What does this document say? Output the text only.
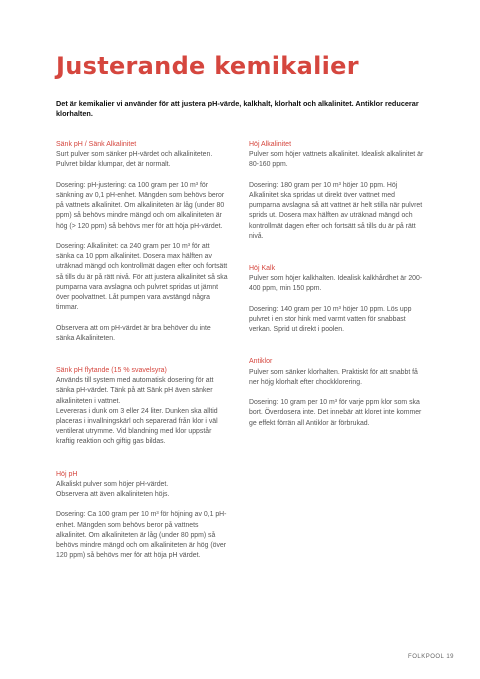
Justerande kemikalier

Det är kemikalier vi använder för att justera pH-värde, kalkhalt, klorhalt och alkalinitet. Antiklor reducerar klorhalten.

Sänk pH / Sänk Alkalinitet

Surt pulver som sänker pH-värdet och alkaliniteten. Pulvret bildar klumpar, det är normalt.

Dosering: pH-justering: ca 100 gram per 10 m³ för sänkning av 0,1 pH-enhet. Mängden som behövs beror på vattnets alkalinitet. Om alkaliniteten är låg (under 80 ppm) så behövs mindre mängd och om alkaliniteten är hög (> 120 ppm) så behövs mer för att höja pH-värdet.

Dosering: Alkalinitet: ca 240 gram per 10 m³ för att sänka ca 10 ppm alkalinitet. Dosera max hälften av uträknad mängd och kontrollmät dagen efter och fortsätt så tills du är på rätt nivå. För att justera alkalinitet så ska pumparna vara avslagna och pulvret spridas ut jämnt över poolvattnet. Låt pumpen vara avstängd några timmar.

Observera att om pH-värdet är bra behöver du inte sänka Alkaliniteten.

Sänk pH flytande (15 % svavelsyra)

Används till system med automatisk dosering för att sänka pH-värdet. Tänk på att Sänk pH även sänker alkaliniteten i vattnet.
Levereras i dunk om 3 eller 24 liter. Dunken ska alltid placeras i invallningskärl och separerad från klor i väl ventilerat utrymme. Vid blandning med klor uppstår kraftig reaktion och giftig gas bildas.

Höj pH

Alkaliskt pulver som höjer pH-värdet.
Observera att även alkaliniteten höjs.

Dosering: Ca 100 gram per 10 m³ för höjning av 0,1 pH-enhet. Mängden som behövs beror på vattnets alkalinitet. Om alkaliniteten är låg (under 80 ppm) så behövs mindre mängd och om alkaliniteten är hög (över 120 ppm) så behövs mer för att höja pH värdet.

Höj Alkalinitet

Pulver som höjer vattnets alkalinitet. Idealisk alkalinitet är 80-160 ppm.

Dosering: 180 gram per 10 m³ höjer 10 ppm. Höj Alkalinitet ska spridas ut direkt över vattnet med pumparna avslagna så att vattnet är helt stilla när pulvret sprids ut. Dosera max hälften av uträknad mängd och kontrollmät dagen efter och fortsätt så tills du är på rätt nivå.

Höj Kalk

Pulver som höjer kalkhalten. Idealisk kalkhårdhet är 200-400 ppm, min 150 ppm.

Dosering: 140 gram per 10 m³ höjer 10 ppm. Lös upp pulvret i en stor hink med varmt vatten för snabbast verkan. Sprid ut direkt i poolen.

Antiklor

Pulver som sänker klorhalten. Praktiskt för att snabbt få ner höjg klorhalt efter chockklorering.

Dosering: 10 gram per 10 m³ för varje ppm klor som ska bort. Överdosera inte. Det innebär att kloret inte kommer ge effekt förrän all Antiklor är förbrukad.

FOLKPOOL 19
